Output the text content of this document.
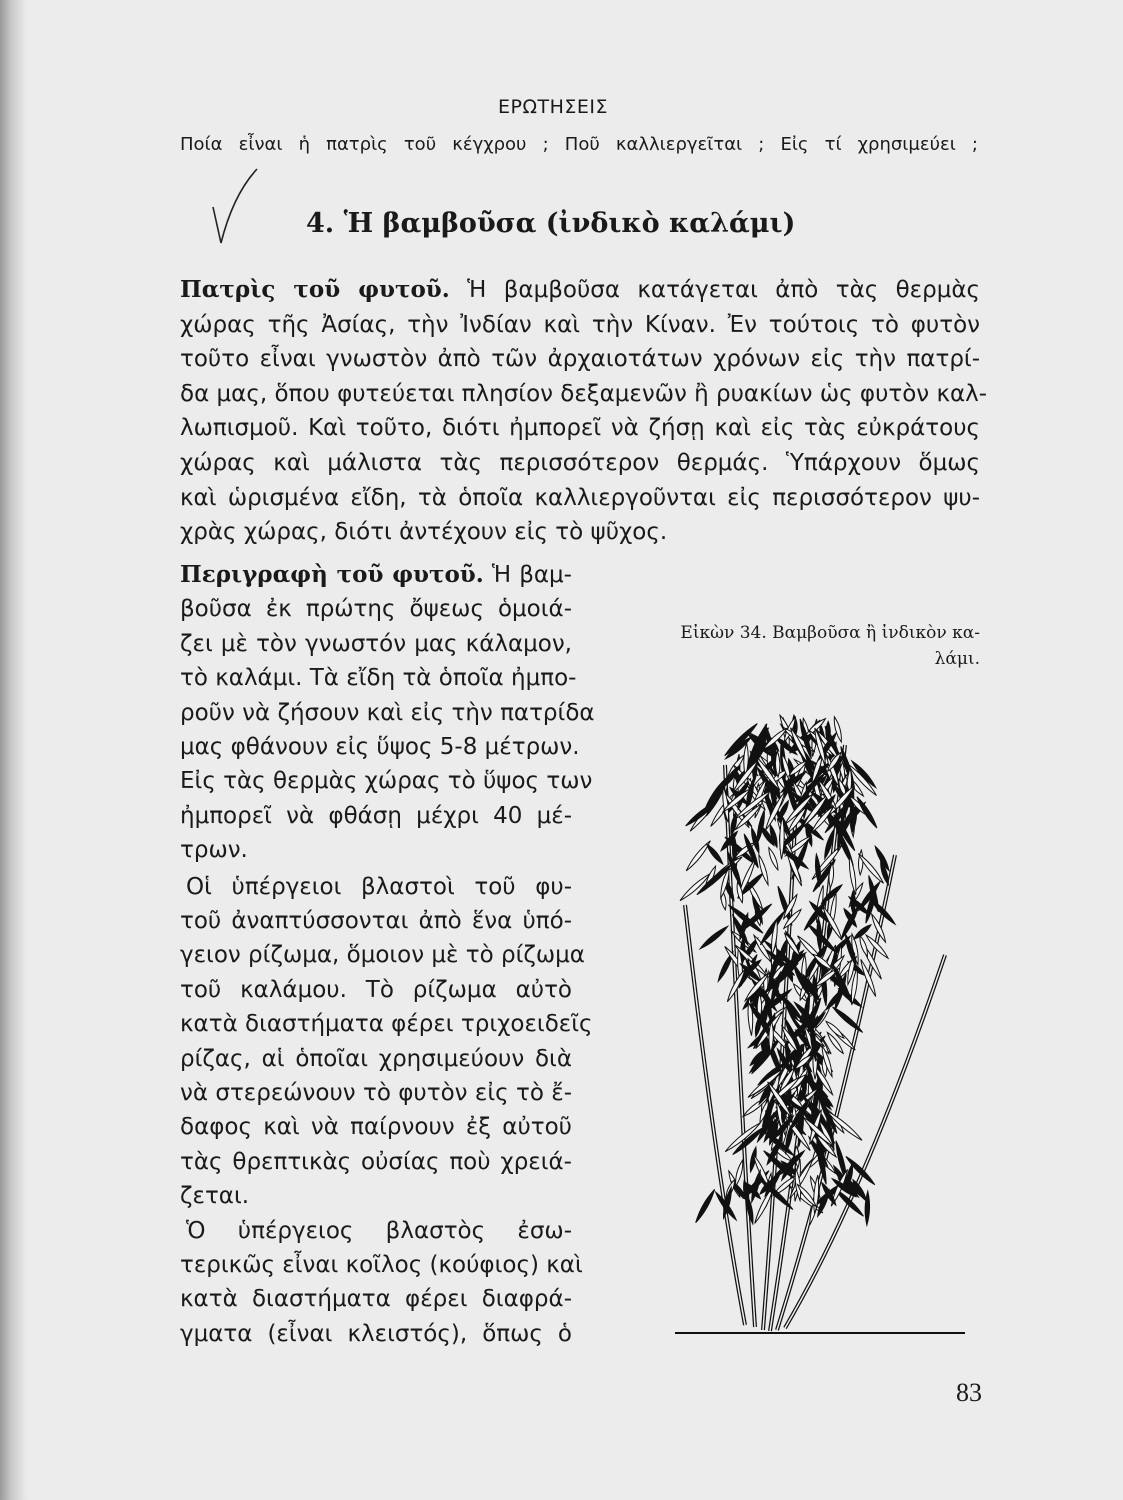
ΕΡΩΤΗΣΕΙΣ
Ποία εἶναι ἡ πατρὶς τοῦ κέγχρου ; Ποῦ καλλιεργεῖται ; Εἰς τί χρησιμεύει ;
4. Ἡ βαμβοῦσα (ἰνδικὸ καλάμι)
Πατρὶς τοῦ φυτοῦ. Ἡ βαμβοῦσα κατάγεται ἀπὸ τὰς θερμὰς
χώρας τῆς Ἀσίας, τὴν Ἰνδίαν καὶ τὴν Κίναν. Ἐν τούτοις τὸ φυτὸν
τοῦτο εἶναι γνωστὸν ἀπὸ τῶν ἀρχαιοτάτων χρόνων εἰς τὴν πατρί-
δα μας, ὅπου φυτεύεται πλησίον δεξαμενῶν ἢ ρυακίων ὡς φυτὸν καλ-
λωπισμοῦ. Καὶ τοῦτο, διότι ἠμπορεῖ νὰ ζήσῃ καὶ εἰς τὰς εὐκράτους
χώρας καὶ μάλιστα τὰς περισσότερον θερμάς. Ὑπάρχουν ὅμως
καὶ ὡρισμένα εἴδη, τὰ ὁποῖα καλλιεργοῦνται εἰς περισσότερον ψυ-
χρὰς χώρας, διότι ἀντέχουν εἰς τὸ ψῦχος.
Περιγραφὴ τοῦ φυτοῦ. Ἡ βαμ-
βοῦσα ἐκ πρώτης ὄψεως ὁμοιά-
ζει μὲ τὸν γνωστόν μας κάλαμον,
τὸ καλάμι. Τὰ εἴδη τὰ ὁποῖα ἠμπο-
ροῦν νὰ ζήσουν καὶ εἰς τὴν πατρίδα
μας φθάνουν εἰς ὕψος 5-8 μέτρων.
Εἰς τὰς θερμὰς χώρας τὸ ὕψος των
ἠμπορεῖ νὰ φθάσῃ μέχρι 40 μέ-
τρων.
Οἱ ὑπέργειοι βλαστοὶ τοῦ φυ-
τοῦ ἀναπτύσσονται ἀπὸ ἕνα ὑπό-
γειον ρίζωμα, ὅμοιον μὲ τὸ ρίζωμα
τοῦ καλάμου. Τὸ ρίζωμα αὐτὸ
κατὰ διαστήματα φέρει τριχοειδεῖς
ρίζας, αἱ ὁποῖαι χρησιμεύουν διὰ
νὰ στερεώνουν τὸ φυτὸν εἰς τὸ ἔ-
δαφος καὶ νὰ παίρνουν ἐξ αὐτοῦ
τὰς θρεπτικὰς οὐσίας ποὺ χρειά-
ζεται.
Ὁ ὑπέργειος βλαστὸς ἐσω-
τερικῶς εἶναι κοῖλος (κούφιος) καὶ
κατὰ διαστήματα φέρει διαφρά-
γματα (εἶναι κλειστός), ὅπως ὁ
Εἰκὼν 34. Βαμβοῦσα ἢ ἰνδικὸν κα-
λάμι.
83
